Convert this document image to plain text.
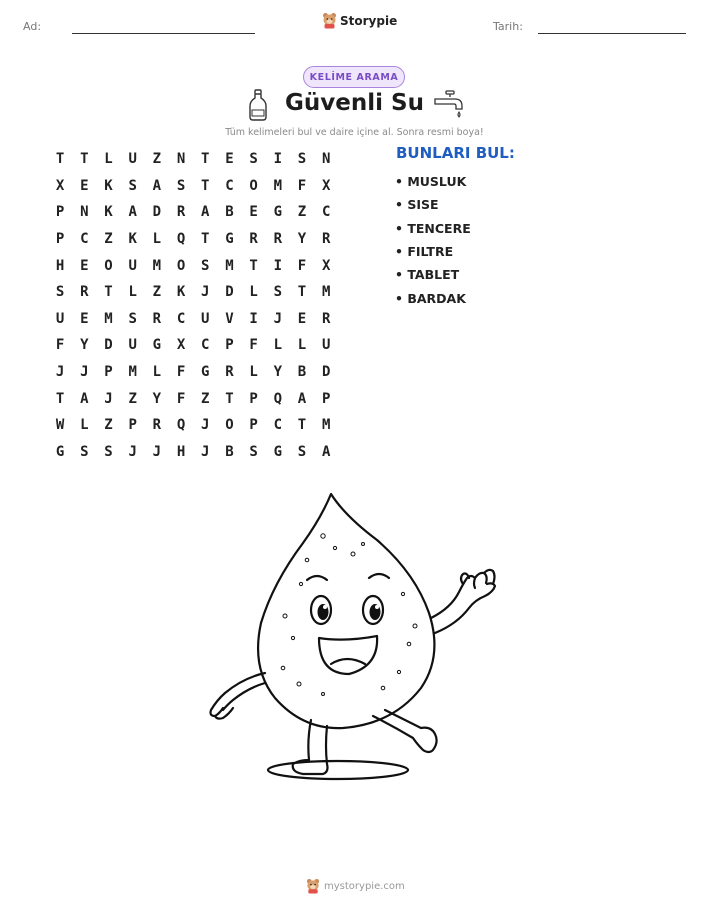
Ad:	Storypie	Tarih:
KELİME ARAMA
Güvenli Su
Tüm kelimeleri bul ve daire içine al. Sonra resmi boya!
T	T	L	U	Z	N	T	E	S	I	S	N
X	E	K	S	A	S	T	C	O	M	F	X
P	N	K	A	D	R	A	B	E	G	Z	C
P	C	Z	K	L	Q	T	G	R	R	Y	R
H	E	O	U	M	O	S	M	T	I	F	X
S	R	T	L	Z	K	J	D	L	S	T	M
U	E	M	S	R	C	U	V	I	J	E	R
F	Y	D	U	G	X	C	P	F	L	L	U
J	J	P	M	L	F	G	R	L	Y	B	D
T	A	J	Z	Y	F	Z	T	P	Q	A	P
W	L	Z	P	R	Q	J	O	P	C	T	M
G	S	S	J	J	H	J	B	S	G	S	A
BUNLARI BUL:
• MUSLUK
• SISE
• TENCERE
• FILTRE
• TABLET
• BARDAK
mystorypie.com
